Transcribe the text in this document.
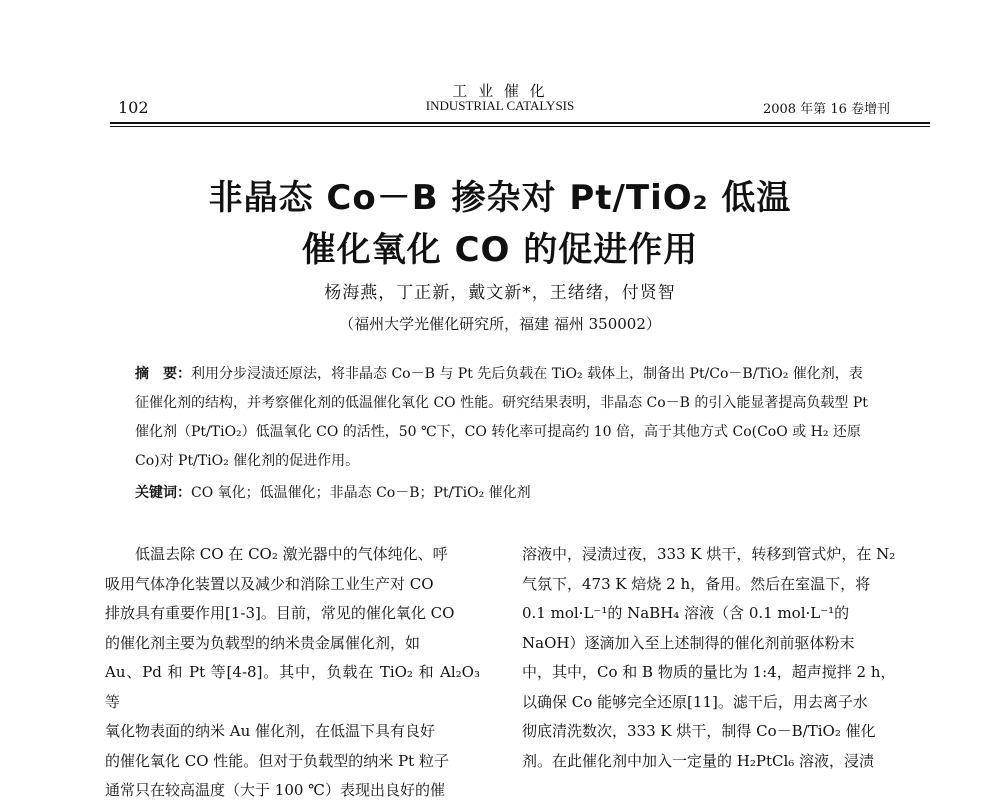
工 业 催 化
INDUSTRIAL CATALYSIS
102	2008 年第 16 卷增刊
非晶态 Co－B 掺杂对 Pt/TiO₂ 低温
催化氧化 CO 的促进作用
杨海燕，丁正新，戴文新*，王绪绪，付贤智
（福州大学光催化研究所，福建 福州 350002）
摘　要：利用分步浸渍还原法，将非晶态 Co－B 与 Pt 先后负载在 TiO₂ 载体上，制备出 Pt/Co－B/TiO₂ 催化剂，表征催化剂的结构，并考察催化剂的低温催化氧化 CO 性能。研究结果表明，非晶态 Co－B 的引入能显著提高负载型 Pt 催化剂（Pt/TiO₂）低温氧化 CO 的活性，50 ℃下，CO 转化率可提高约 10 倍，高于其他方式 Co(CoO 或 H₂ 还原 Co)对 Pt/TiO₂ 催化剂的促进作用。
关键词：CO 氧化；低温催化；非晶态 Co－B；Pt/TiO₂ 催化剂

低温去除 CO 在 CO₂ 激光器中的气体纯化、呼

吸用气体净化装置以及减少和消除工业生产对 CO

排放具有重要作用[1-3]。目前，常见的催化氧化 CO

的催化剂主要为负载型的纳米贵金属催化剂，如

Au、Pd 和 Pt 等[4-8]。其中，负载在 TiO₂ 和 Al₂O₃ 等

氧化物表面的纳米 Au 催化剂，在低温下具有良好

的催化氧化 CO 性能。但对于负载型的纳米 Pt 粒子

通常只在较高温度（大于 100 ℃）表现出良好的催

溶液中，浸渍过夜，333 K 烘干，转移到管式炉，在 N₂

气氛下，473 K 焙烧 2 h，备用。然后在室温下，将

0.1 mol·L⁻¹的 NaBH₄ 溶液（含 0.1 mol·L⁻¹的

NaOH）逐滴加入至上述制得的催化剂前驱体粉末

中，其中，Co 和 B 物质的量比为 1:4，超声搅拌 2 h，

以确保 Co 能够完全还原[11]。滤干后，用去离子水

彻底清洗数次，333 K 烘干，制得 Co－B/TiO₂ 催化

剂。在此催化剂中加入一定量的 H₂PtCl₆ 溶液，浸渍
